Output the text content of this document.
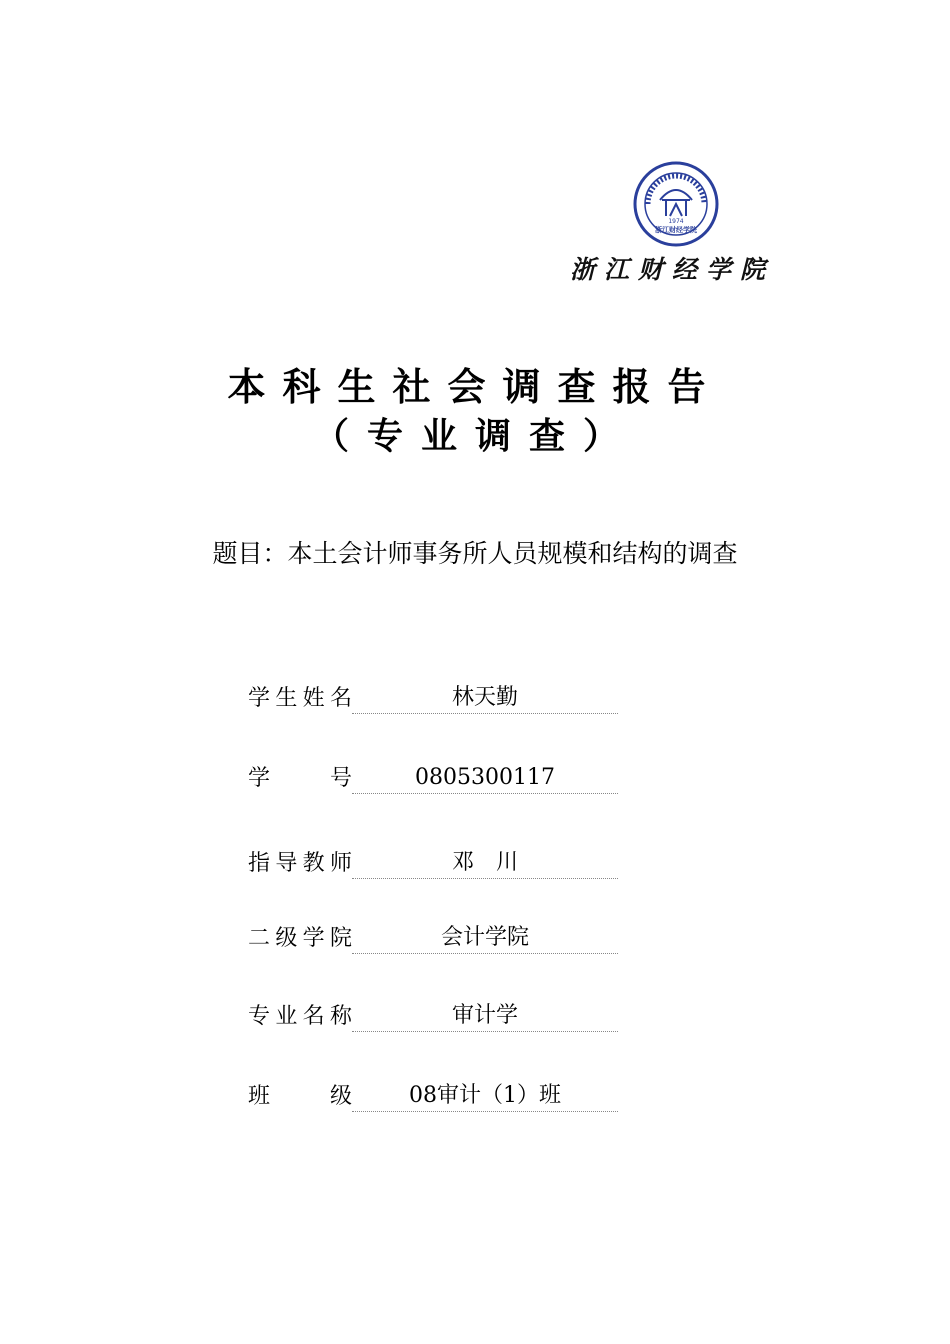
1974
浙江财经学院
浙江财经学院
本科生社会调查报告
（专业调查）
题目：本土会计师事务所人员规模和结构的调查
学 生 姓 名	林天勤
学	号	0805300117
指 导 教 师	邓　川
二 级 学 院	会计学院
专 业 名 称	审计学
班	级	08审计（1）班
